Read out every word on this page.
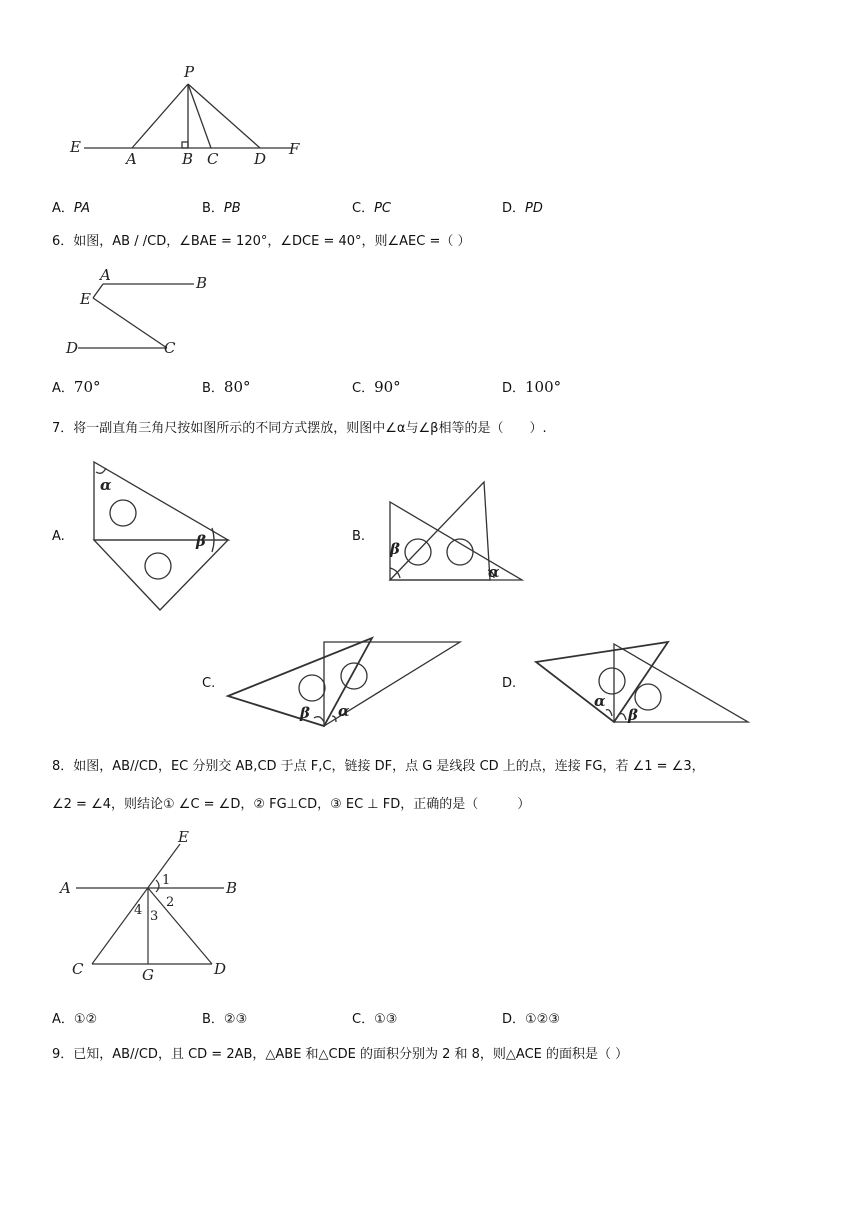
P
E
A	B C D
F
A．PA	B．PB	C．PC	D．PD
6．如图，AB / /CD，∠BAE = 120°，∠DCE = 40°，则∠AEC =（ ）
A	B
E
D	C
A．70°	B．80°	C．90°	D．100°
7．将一副直角三角尺按如图所示的不同方式摆放，则图中∠α与∠β相等的是（　　）.
A.
α
β	B.
β
α
C.
β α
D.
α
β
8．如图，AB//CD，EC 分别交 AB,CD 于点 F,C，链接 DF，点 G 是线段 CD 上的点，连接 FG，若 ∠1 = ∠3，
∠2 = ∠4，则结论① ∠C = ∠D，② FG⊥CD，③ EC ⊥ FD，正确的是（　　　）
E
A	B
C	G	D
1
2
3
4
A．①②	B．②③	C．①③	D．①②③
9．已知，AB//CD，且 CD = 2AB，△ABE 和△CDE 的面积分别为 2 和 8，则△ACE 的面积是（ ）
